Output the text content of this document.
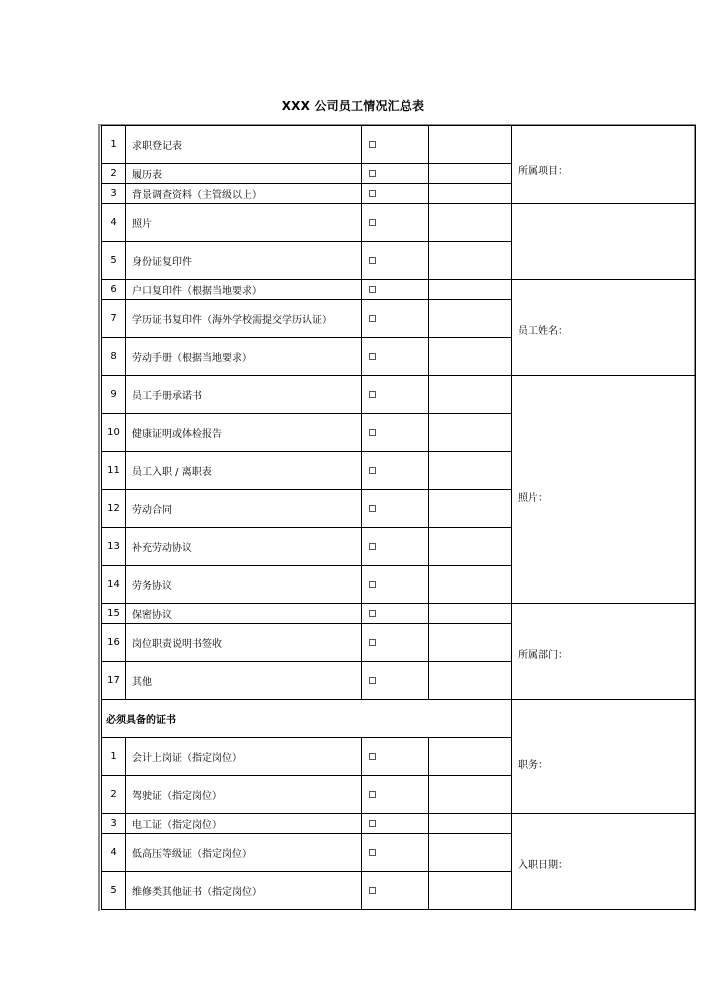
XXX 公司员工情况汇总表
1	求职登记表			所属项目：
2	履历表			
3	背景调查资料（主管级以上）			
4	照片			
5	身份证复印件			
6	户口复印件（根据当地要求）			员工姓名：
7	学历证书复印件（海外学校需提交学历认证）			
8	劳动手册（根据当地要求）			
9	员工手册承诺书			照片：
10	健康证明或体检报告			
11	员工入职 / 离职表			
12	劳动合同			
13	补充劳动协议			
14	劳务协议			
15	保密协议			所属部门：
16	岗位职责说明书签收			
17	其他			
必须具备的证书				职务：
1	会计上岗证（指定岗位）			
2	驾驶证（指定岗位）			
3	电工证（指定岗位）			入职日期：
4	低高压等级证（指定岗位）			
5	维修类其他证书（指定岗位）			
